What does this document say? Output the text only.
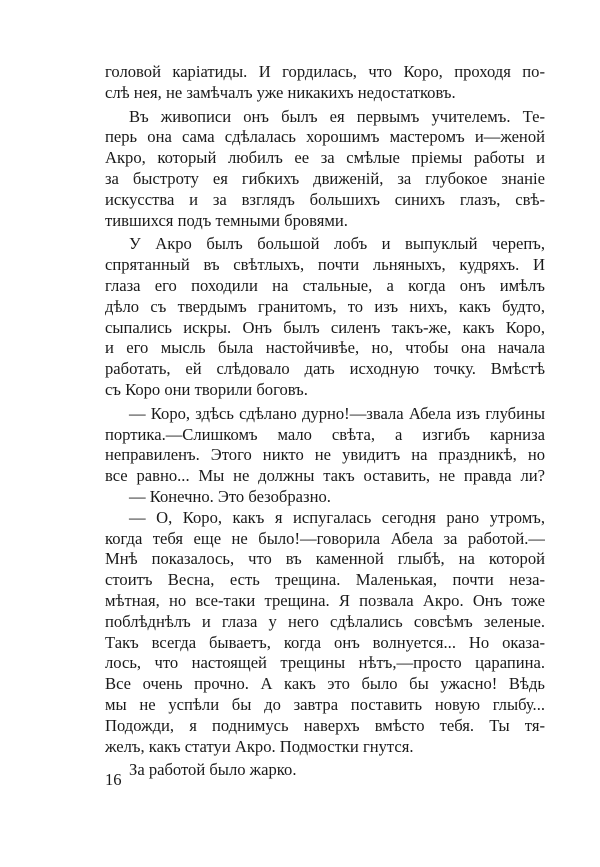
головой каріатиды. И гордилась, что Коро, проходя по-
слѣ нея, не замѣчалъ уже никакихъ недостатковъ.
Въ живописи онъ былъ ея первымъ учителемъ. Те-
перь она сама сдѣлалась хорошимъ мастеромъ и—женой
Акро, который любилъ ее за смѣлые пріемы работы и
за быстроту ея гибкихъ движеній, за глубокое знаніе
искусства и за взглядъ большихъ синихъ глазъ, свѣ-
тившихся подъ темными бровями.
У Акро былъ большой лобъ и выпуклый черепъ,
спрятанный въ свѣтлыхъ, почти льняныхъ, кудряхъ. И
глаза его походили на стальные, а когда онъ имѣлъ
дѣло съ твердымъ гранитомъ, то изъ нихъ, какъ будто,
сыпались искры. Онъ былъ силенъ такъ-же, какъ Коро,
и его мысль была настойчивѣе, но, чтобы она начала
работать, ей слѣдовало дать исходную точку. Вмѣстѣ
съ Коро они творили боговъ.
— Коро, здѣсь сдѣлано дурно!—звала Абела изъ глубины
портика.—Слишкомъ мало свѣта, а изгибъ карниза
неправиленъ. Этого никто не увидитъ на праздникѣ, но
все равно... Мы не должны такъ оставить, не правда ли?
— Конечно. Это безобразно.
— О, Коро, какъ я испугалась сегодня рано утромъ,
когда тебя еще не было!—говорила Абела за работой.—
Мнѣ показалось, что въ каменной глыбѣ, на которой
стоитъ Весна, есть трещина. Маленькая, почти неза-
мѣтная, но все-таки трещина. Я позвала Акро. Онъ тоже
поблѣднѣлъ и глаза у него сдѣлались совсѣмъ зеленые.
Такъ всегда бываетъ, когда онъ волнуется... Но оказа-
лось, что настоящей трещины нѣтъ,—просто царапина.
Все очень прочно. А какъ это было бы ужасно! Вѣдь
мы не успѣли бы до завтра поставить новую глыбу...
Подожди, я поднимусь наверхъ вмѣсто тебя. Ты тя-
желъ, какъ статуи Акро. Подмостки гнутся.
За работой было жарко.
16
